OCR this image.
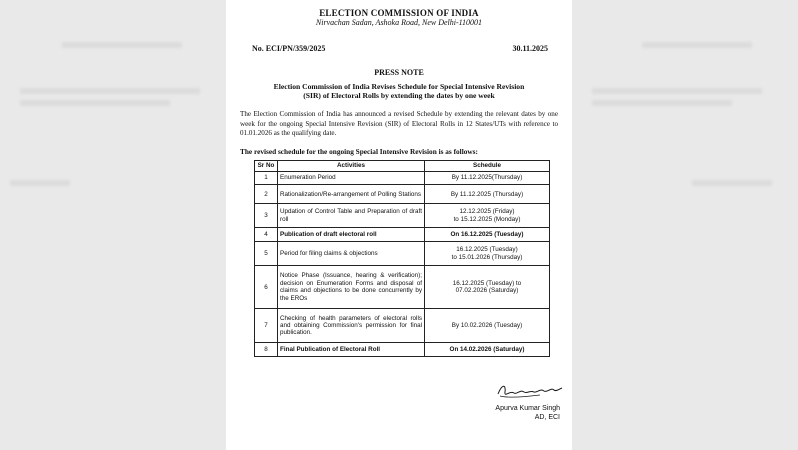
ELECTION COMMISSION OF INDIA
Nirvachan Sadan, Ashoka Road, New Delhi-110001
No. ECI/PN/359/2025	30.11.2025
PRESS NOTE
Election Commission of India Revises Schedule for Special Intensive Revision
(SIR) of Electoral Rolls by extending the dates by one week
The Election Commission of India has announced a revised Schedule by extending the relevant dates by one week for the ongoing Special Intensive Revision (SIR) of Electoral Rolls in 12 States/UTs with reference to 01.01.2026 as the qualifying date.
The revised schedule for the ongoing Special Intensive Revision is as follows:
Sr No	Activities	Schedule
1	Enumeration Period	By 11.12.2025(Thursday)

2	Rationalization/Re-arrangement of Polling Stations	By 11.12.2025 (Thursday)

3	Updation of Control Table and Preparation of draft roll	12.12.2025 (Friday)
to 15.12.2025 (Monday)

4	Publication of draft electoral roll	On 16.12.2025 (Tuesday)

5	Period for filing claims & objections	16.12.2025 (Tuesday)
to 15.01.2026 (Thursday)

6	Notice Phase (Issuance, hearing & verification); decision on Enumeration Forms and disposal of claims and objections to be done concurrently by the EROs	16.12.2025 (Tuesday) to
07.02.2026 (Saturday)

7	Checking of health parameters of electoral rolls and obtaining Commission's permission for final publication.	By 10.02.2026 (Tuesday)

8	Final Publication of Electoral Roll	On 14.02.2026 (Saturday)
Apurva Kumar Singh
AD, ECI
